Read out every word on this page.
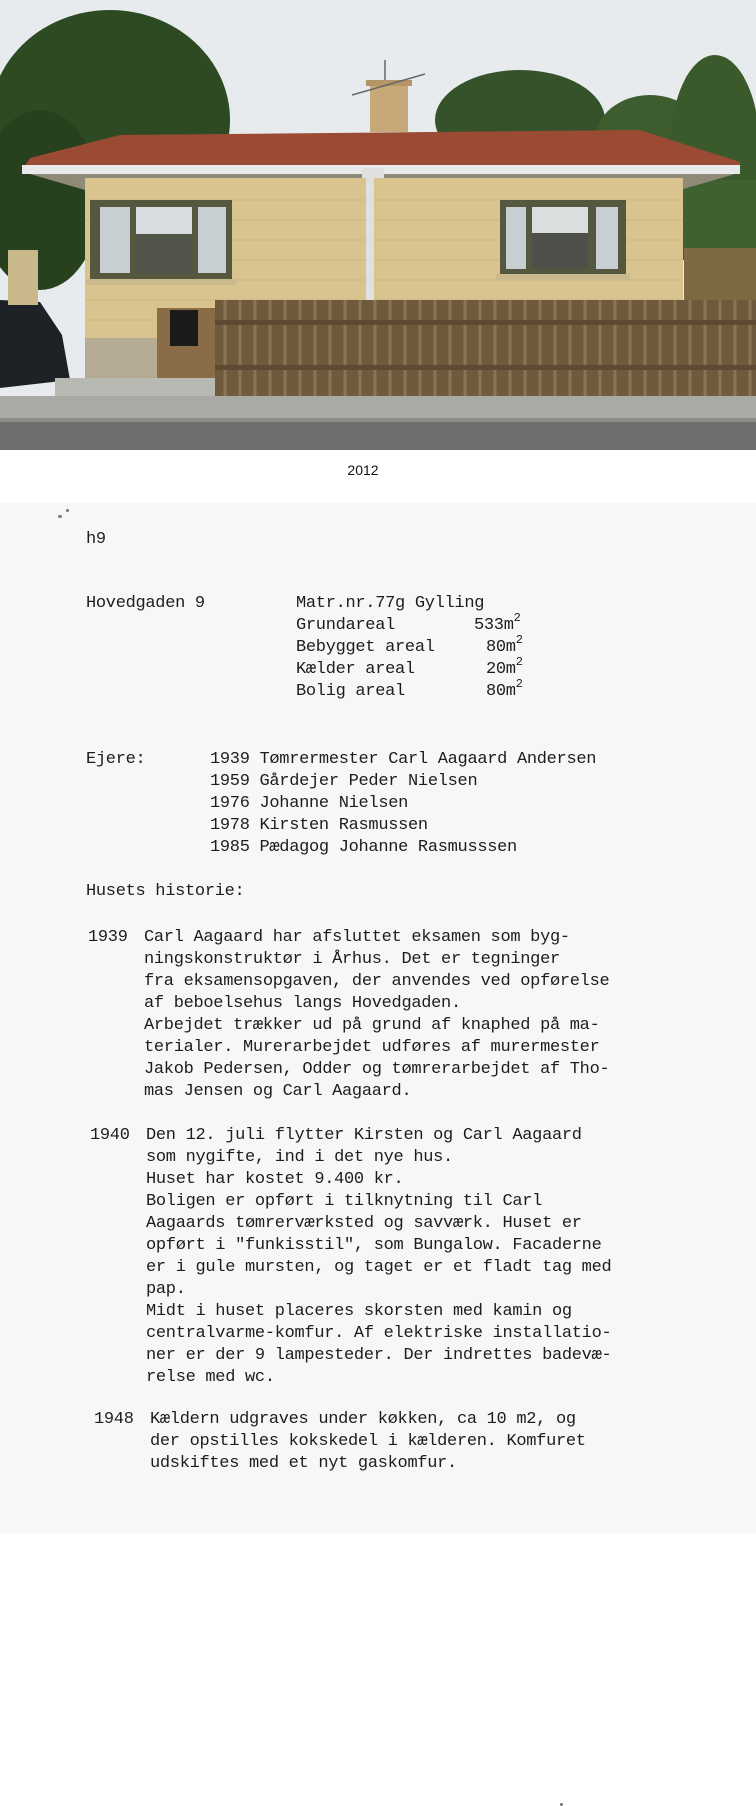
2012
h9
Hovedgaden 9	Matr.nr.77g Gylling
Grundareal	$533m^2$
Bebygget areal	$80m^2$
Kælder areal	$20m^2$
Bolig areal	$80m^2$
Ejere:	1939 Tømrermester Carl Aagaard Andersen
1959 Gårdejer Peder Nielsen
1976 Johanne Nielsen
1978 Kirsten Rasmussen
1985 Pædagog Johanne Rasmusssen
Husets historie:
1939 Carl Aagaard har afsluttet eksamen som byg-
ningskonstruktør i Århus. Det er tegninger
fra eksamensopgaven, der anvendes ved opførelse
af beboelsehus langs Hovedgaden.
Arbejdet trækker ud på grund af knaphed på ma-
terialer. Murerarbejdet udføres af murermester
Jakob Pedersen, Odder og tømrerarbejdet af Tho-
mas Jensen og Carl Aagaard.
1940 Den 12. juli flytter Kirsten og Carl Aagaard
som nygifte, ind i det nye hus.
Huset har kostet 9.400 kr.
Boligen er opført i tilknytning til Carl
Aagaards tømrerværksted og savværk. Huset er
opført i "funkisstil", som Bungalow. Facaderne
er i gule mursten, og taget er et fladt tag med
pap.
Midt i huset placeres skorsten med kamin og
centralvarme-komfur. Af elektriske installatio-
ner er der 9 lampesteder. Der indrettes badevæ-
relse med wc.
1948 Kældern udgraves under køkken, ca 10 m2, og
der opstilles kokskedel i kælderen. Komfuret
udskiftes med et nyt gaskomfur.
